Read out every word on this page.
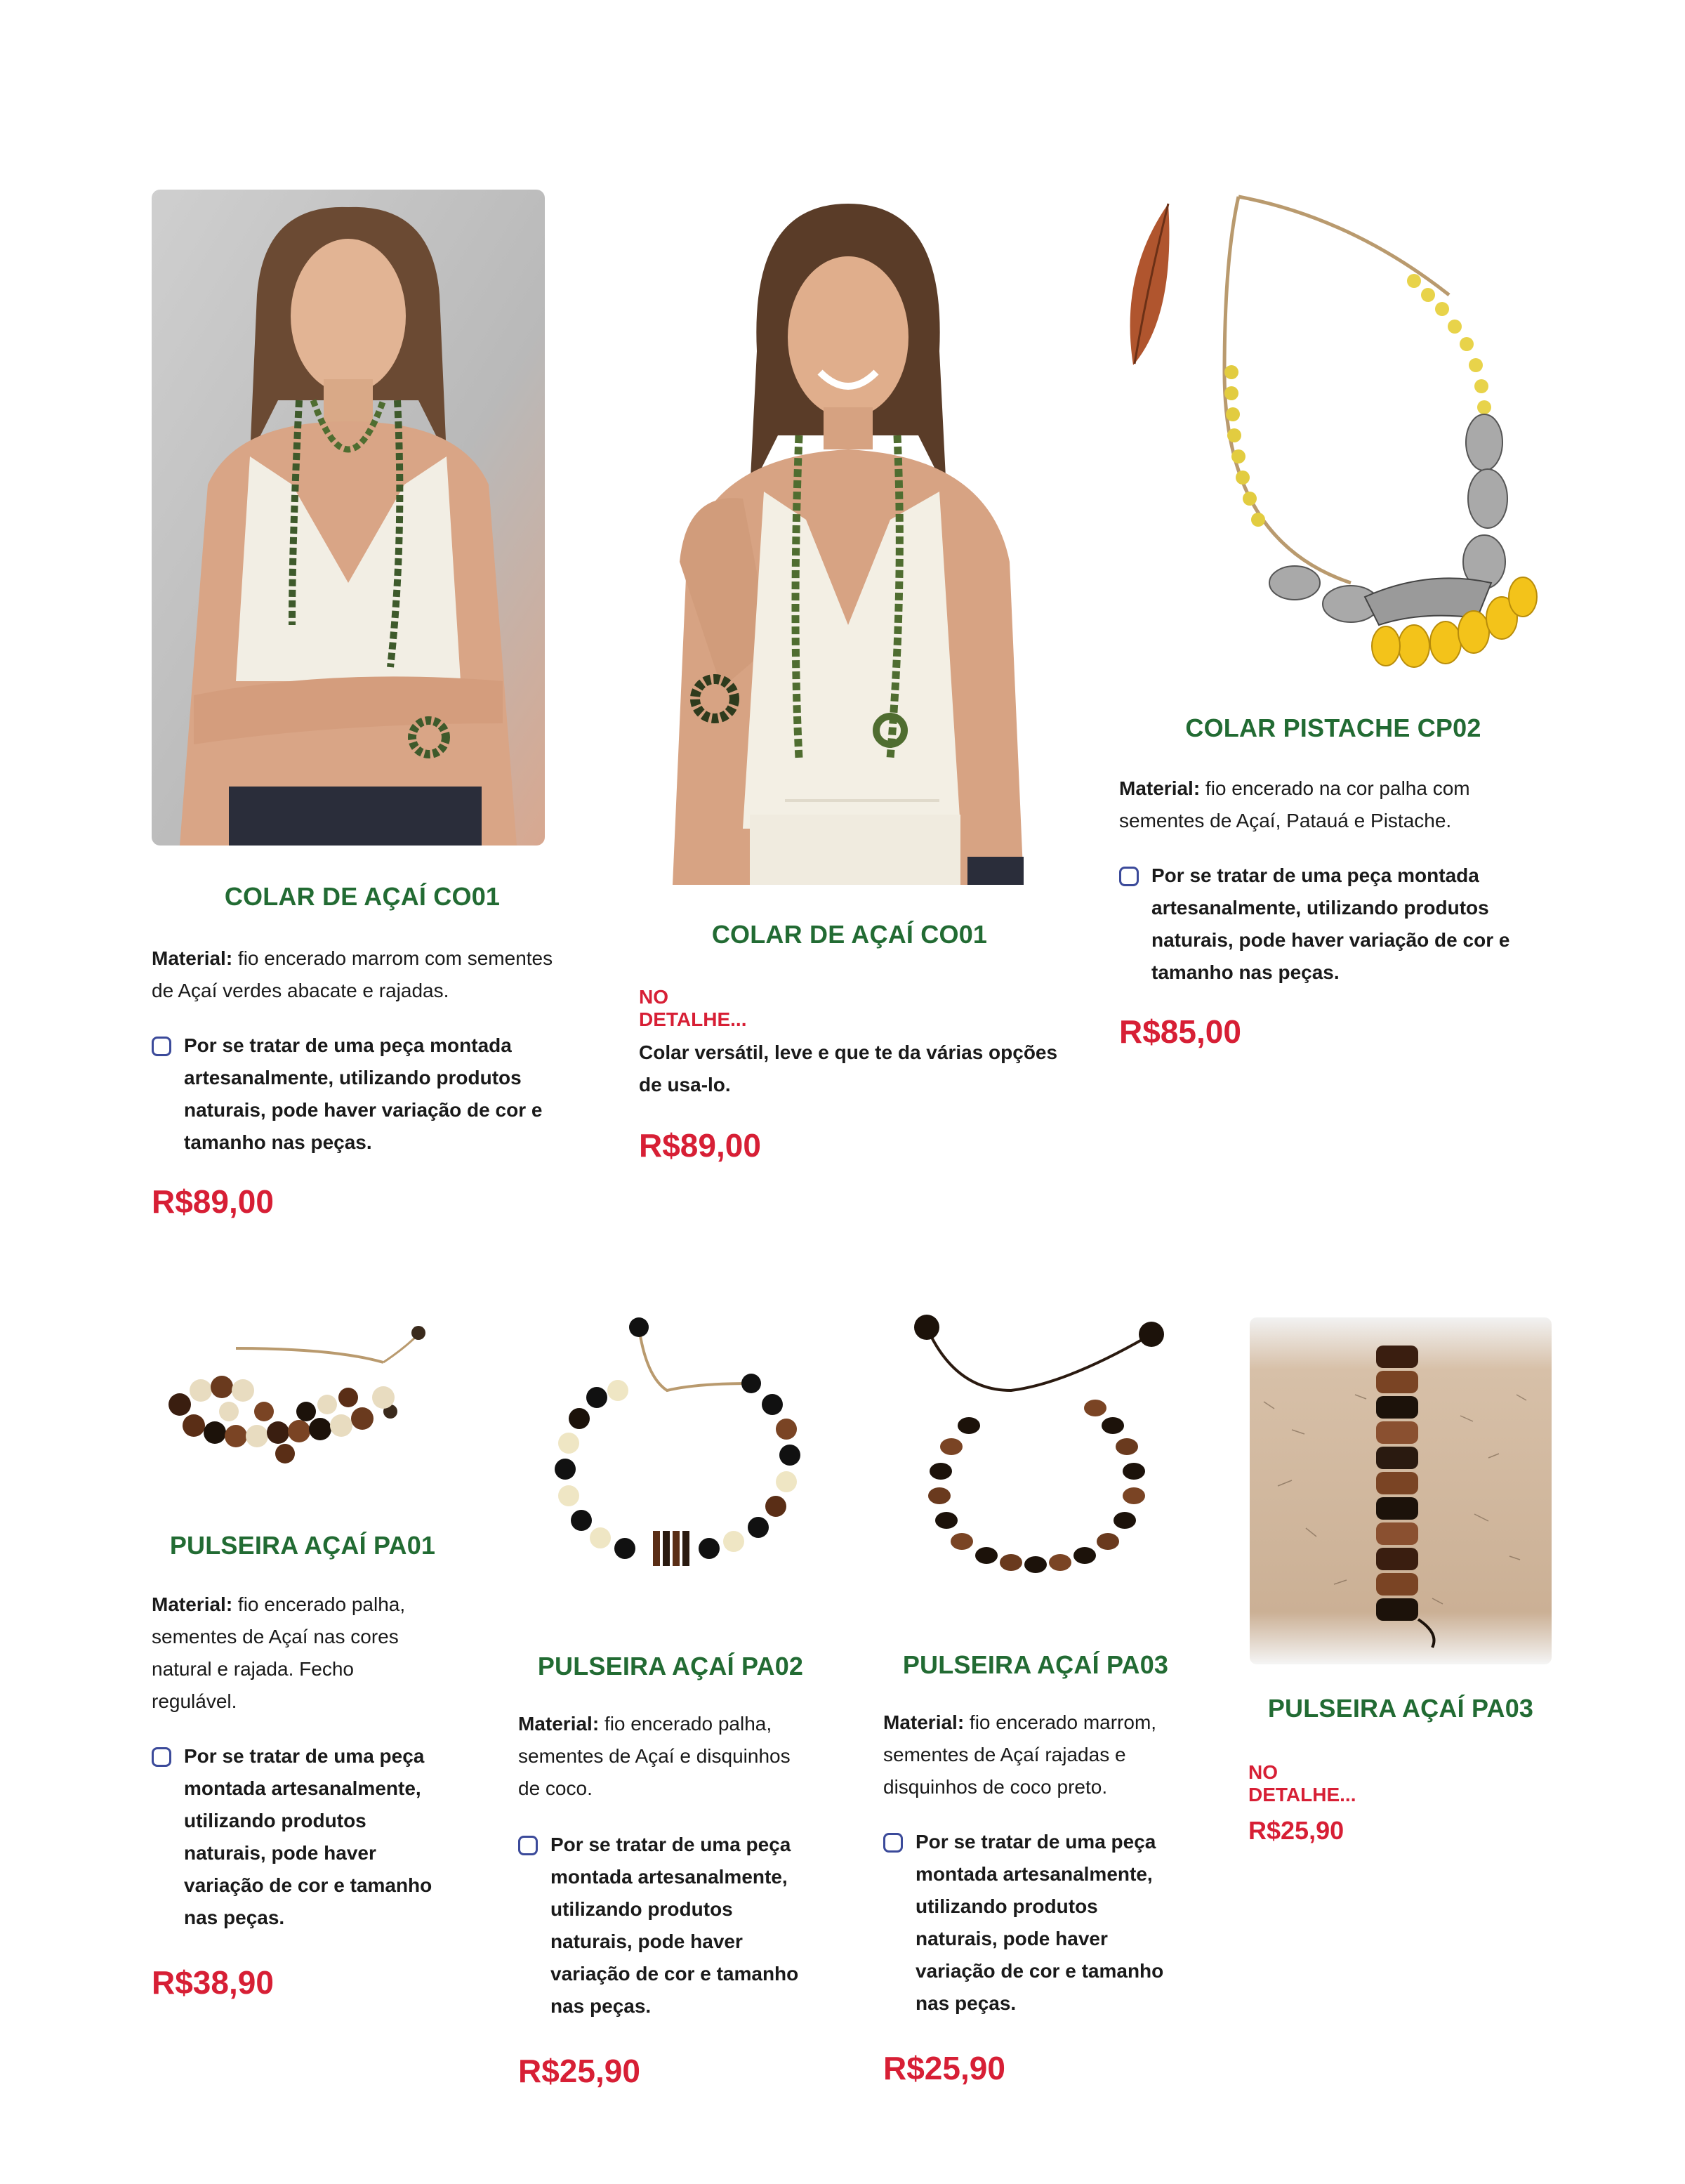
COLAR DE AÇAÍ CO01
Material: fio encerado marrom com sementes
de Açaí verdes abacate e rajadas.
Por se tratar de uma peça montada
artesanalmente, utilizando produtos
naturais, pode haver variação de cor e
tamanho nas peças.
R$89,00
COLAR DE AÇAÍ CO01
NO DETALHE...
Colar versátil, leve e que te da várias opções
de usa-lo.
R$89,00
COLAR PISTACHE CP02
Material: fio encerado na cor palha com
sementes de Açaí, Patauá e Pistache.
Por se tratar de uma peça montada
artesanalmente, utilizando produtos
naturais, pode haver variação de cor e
tamanho nas peças.
R$85,00
PULSEIRA AÇAÍ PA01
Material: fio encerado palha,
sementes de Açaí nas cores
natural e rajada. Fecho
regulável.
Por se tratar de uma peça
montada artesanalmente,
utilizando produtos
naturais, pode haver
variação de cor e tamanho
nas peças.
R$38,90
PULSEIRA AÇAÍ PA02
Material: fio encerado palha,
sementes de Açaí e disquinhos
de coco.
Por se tratar de uma peça
montada artesanalmente,
utilizando produtos
naturais, pode haver
variação de cor e tamanho
nas peças.
R$25,90
PULSEIRA AÇAÍ PA03
Material: fio encerado marrom,
sementes de Açaí rajadas e
disquinhos de coco preto.
Por se tratar de uma peça
montada artesanalmente,
utilizando produtos
naturais, pode haver
variação de cor e tamanho
nas peças.
R$25,90
PULSEIRA AÇAÍ PA03
NO DETALHE...
R$25,90
